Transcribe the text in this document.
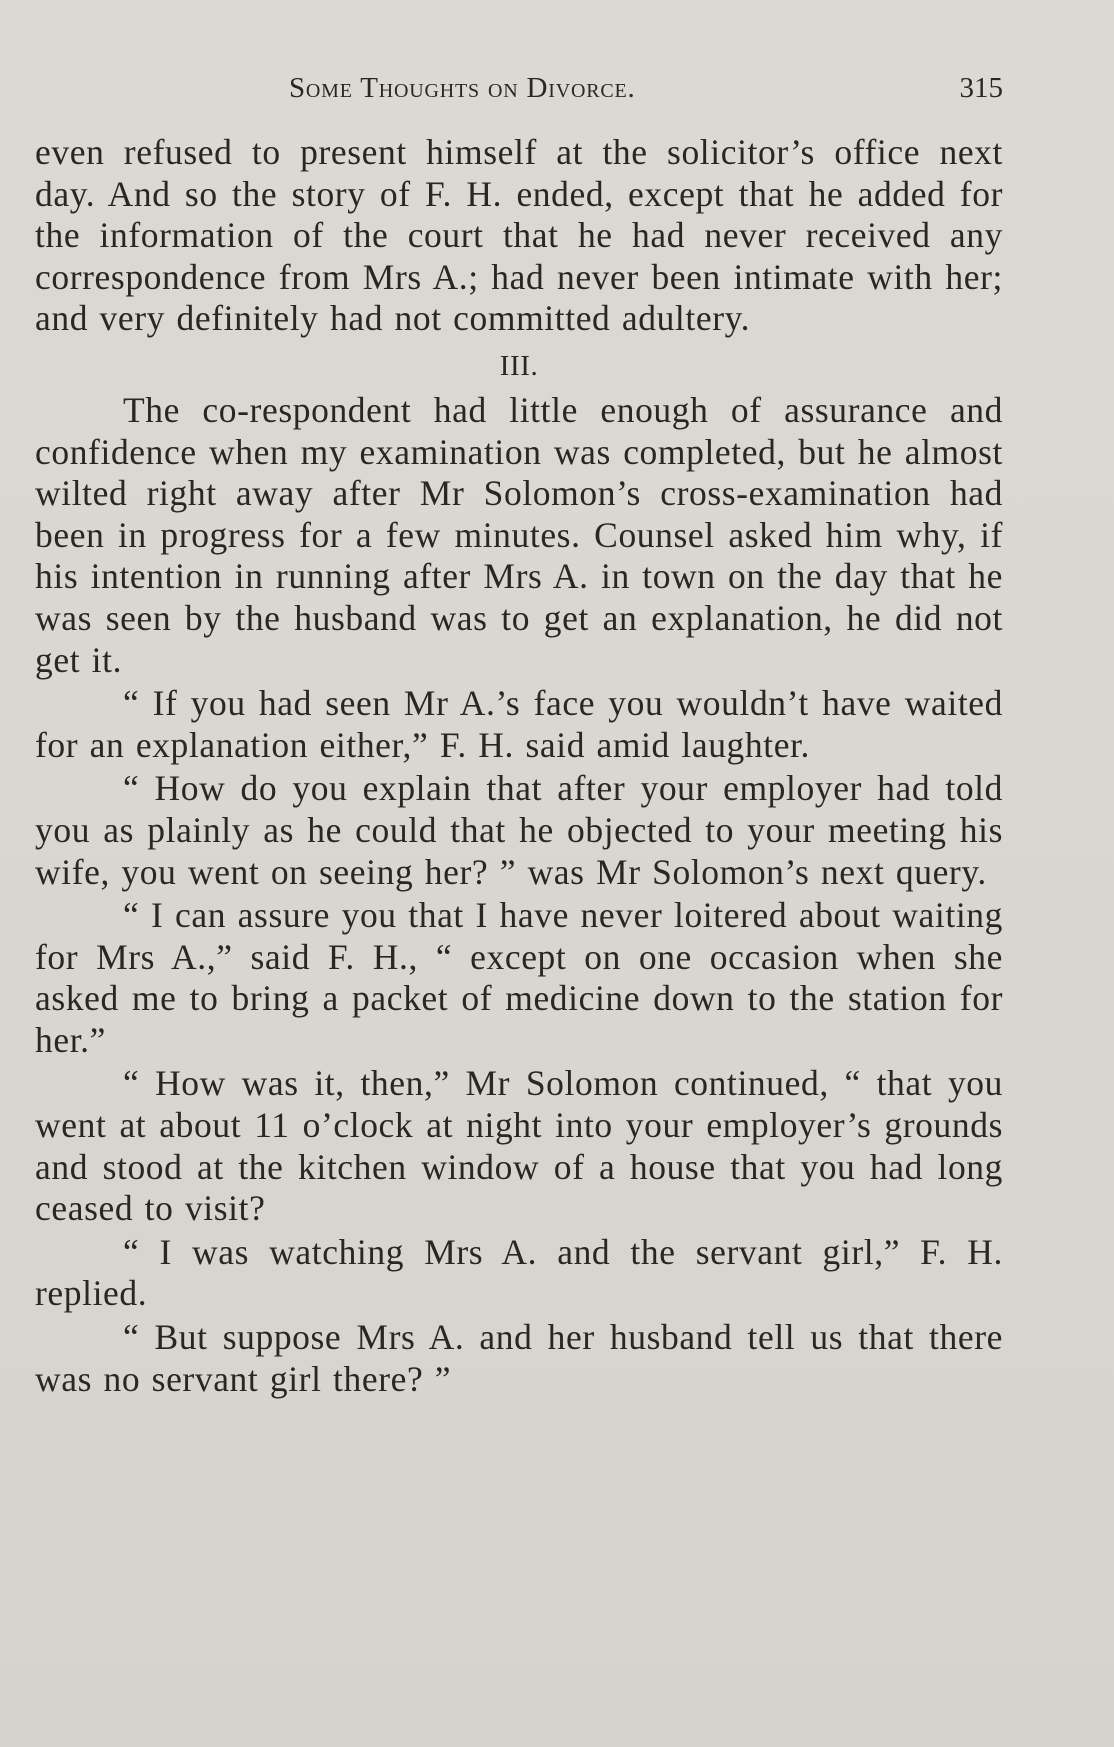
Some Thoughts on Divorce.	315

even refused to present himself at the solicitor’s office next day. And so the story of F. H. ended, except that he added for the information of the court that he had never received any correspondence from Mrs A.; had never been intimate with her; and very definitely had not committed adultery.

III.

The co-respondent had little enough of assurance and confidence when my examination was completed, but he almost wilted right away after Mr Solomon’s cross-examination had been in progress for a few minutes. Counsel asked him why, if his intention in running after Mrs A. in town on the day that he was seen by the husband was to get an explanation, he did not get it.

“ If you had seen Mr A.’s face you wouldn’t have waited for an explanation either,” F. H. said amid laughter.

“ How do you explain that after your employer had told you as plainly as he could that he objected to your meeting his wife, you went on seeing her? ” was Mr Solomon’s next query.

“ I can assure you that I have never loitered about waiting for Mrs A.,” said F. H., “ except on one occasion when she asked me to bring a packet of medicine down to the station for her.”

“ How was it, then,” Mr Solomon continued, “ that you went at about 11 o’clock at night into your employer’s grounds and stood at the kitchen window of a house that you had long ceased to visit?

“ I was watching Mrs A. and the servant girl,” F. H. replied.

“ But suppose Mrs A. and her husband tell us that there was no servant girl there? ”
